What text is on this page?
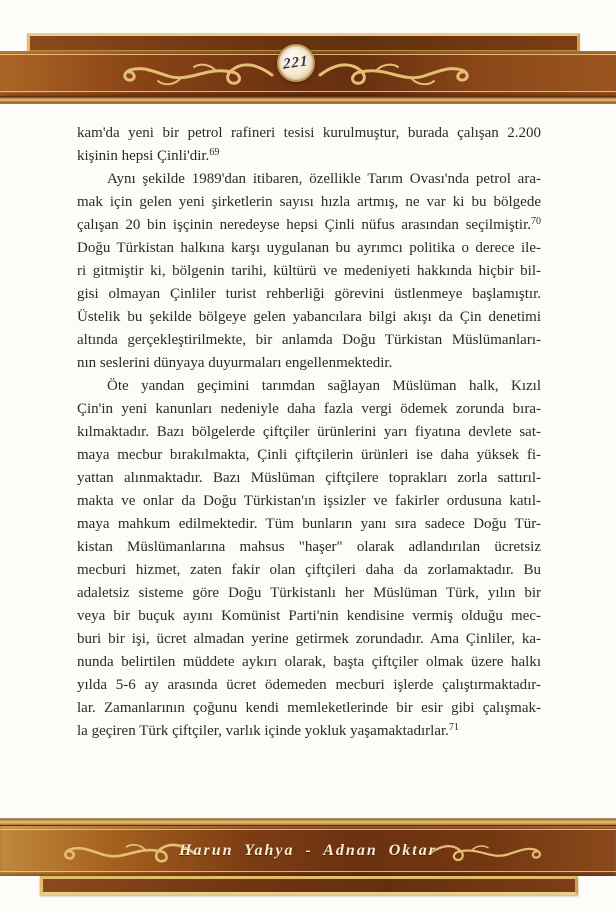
221
kam'da yeni bir petrol rafineri tesisi kurulmuştur, burada çalışan 2.200
kişinin hepsi Çinli'dir.$^{69}$
Aynı şekilde 1989'dan itibaren, özellikle Tarım Ovası'nda petrol ara-
mak için gelen yeni şirketlerin sayısı hızla artmış, ne var ki bu bölgede
çalışan 20 bin işçinin neredeyse hepsi Çinli nüfus arasından seçilmiştir.$^{70}$
Doğu Türkistan halkına karşı uygulanan bu ayrımcı politika o derece ile-
ri gitmiştir ki, bölgenin tarihi, kültürü ve medeniyeti hakkında hiçbir bil-
gisi olmayan Çinliler turist rehberliği görevini üstlenmeye başlamıştır.
Üstelik bu şekilde bölgeye gelen yabancılara bilgi akışı da Çin denetimi
altında gerçekleştirilmekte, bir anlamda Doğu Türkistan Müslümanları-
nın seslerini dünyaya duyurmaları engellenmektedir.
Öte yandan geçimini tarımdan sağlayan Müslüman halk, Kızıl
Çin'in yeni kanunları nedeniyle daha fazla vergi ödemek zorunda bıra-
kılmaktadır. Bazı bölgelerde çiftçiler ürünlerini yarı fiyatına devlete sat-
maya mecbur bırakılmakta, Çinli çiftçilerin ürünleri ise daha yüksek fi-
yattan alınmaktadır. Bazı Müslüman çiftçilere toprakları zorla sattırıl-
makta ve onlar da Doğu Türkistan'ın işsizler ve fakirler ordusuna katıl-
maya mahkum edilmektedir. Tüm bunların yanı sıra sadece Doğu Tür-
kistan Müslümanlarına mahsus "haşer" olarak adlandırılan ücretsiz
mecburi hizmet, zaten fakir olan çiftçileri daha da zorlamaktadır. Bu
adaletsiz sisteme göre Doğu Türkistanlı her Müslüman Türk, yılın bir
veya bir buçuk ayını Komünist Parti'nin kendisine vermiş olduğu mec-
buri bir işi, ücret almadan yerine getirmek zorundadır. Ama Çinliler, ka-
nunda belirtilen müddete aykırı olarak, başta çiftçiler olmak üzere halkı
yılda 5-6 ay arasında ücret ödemeden mecburi işlerde çalıştırmaktadır-
lar. Zamanlarının çoğunu kendi memleketlerinde bir esir gibi çalışmak-
la geçiren Türk çiftçiler, varlık içinde yokluk yaşamaktadırlar.$^{71}$
Harun Yahya - Adnan Oktar
